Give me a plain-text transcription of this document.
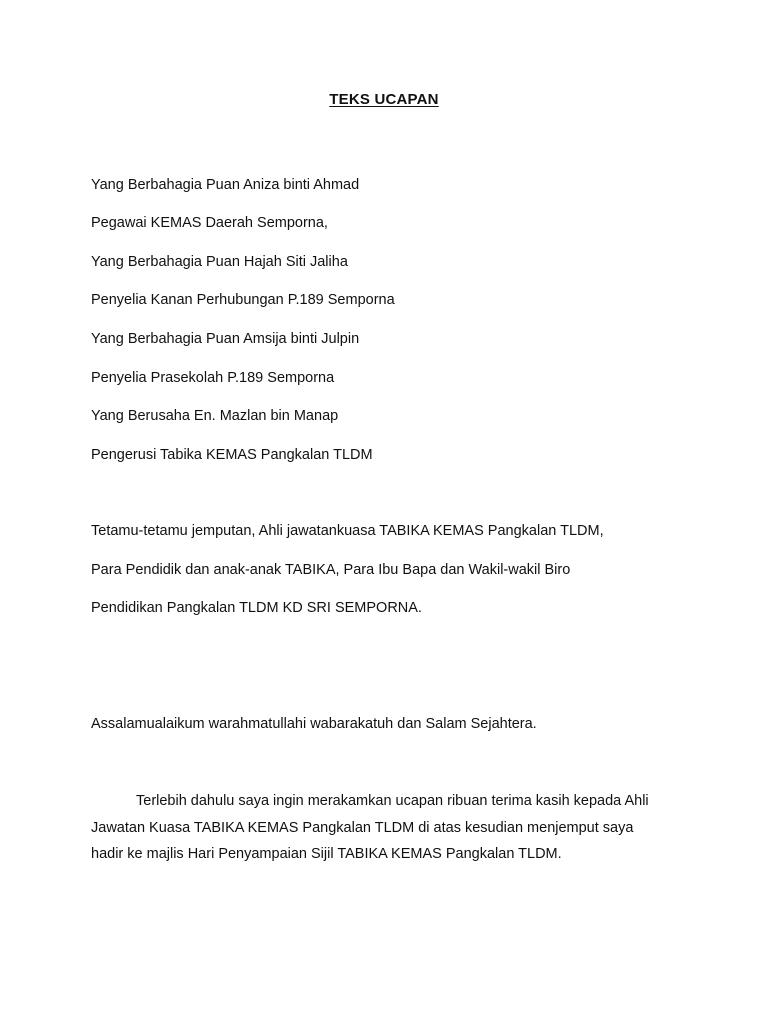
TEKS UCAPAN
Yang Berbahagia Puan Aniza binti Ahmad
Pegawai KEMAS Daerah Semporna,
Yang Berbahagia Puan Hajah Siti Jaliha
Penyelia Kanan Perhubungan P.189 Semporna
Yang Berbahagia Puan Amsija binti Julpin
Penyelia Prasekolah P.189 Semporna
Yang Berusaha En. Mazlan bin Manap
Pengerusi Tabika KEMAS Pangkalan TLDM
Tetamu-tetamu jemputan, Ahli jawatankuasa TABIKA KEMAS Pangkalan TLDM,
Para Pendidik dan anak-anak TABIKA, Para Ibu Bapa dan Wakil-wakil Biro
Pendidikan Pangkalan TLDM KD SRI SEMPORNA.
Assalamualaikum warahmatullahi wabarakatuh dan Salam Sejahtera.
Terlebih dahulu saya ingin merakamkan ucapan ribuan terima kasih kepada Ahli
Jawatan Kuasa TABIKA KEMAS Pangkalan TLDM di atas kesudian menjemput saya
hadir ke majlis Hari Penyampaian Sijil TABIKA KEMAS Pangkalan TLDM.
